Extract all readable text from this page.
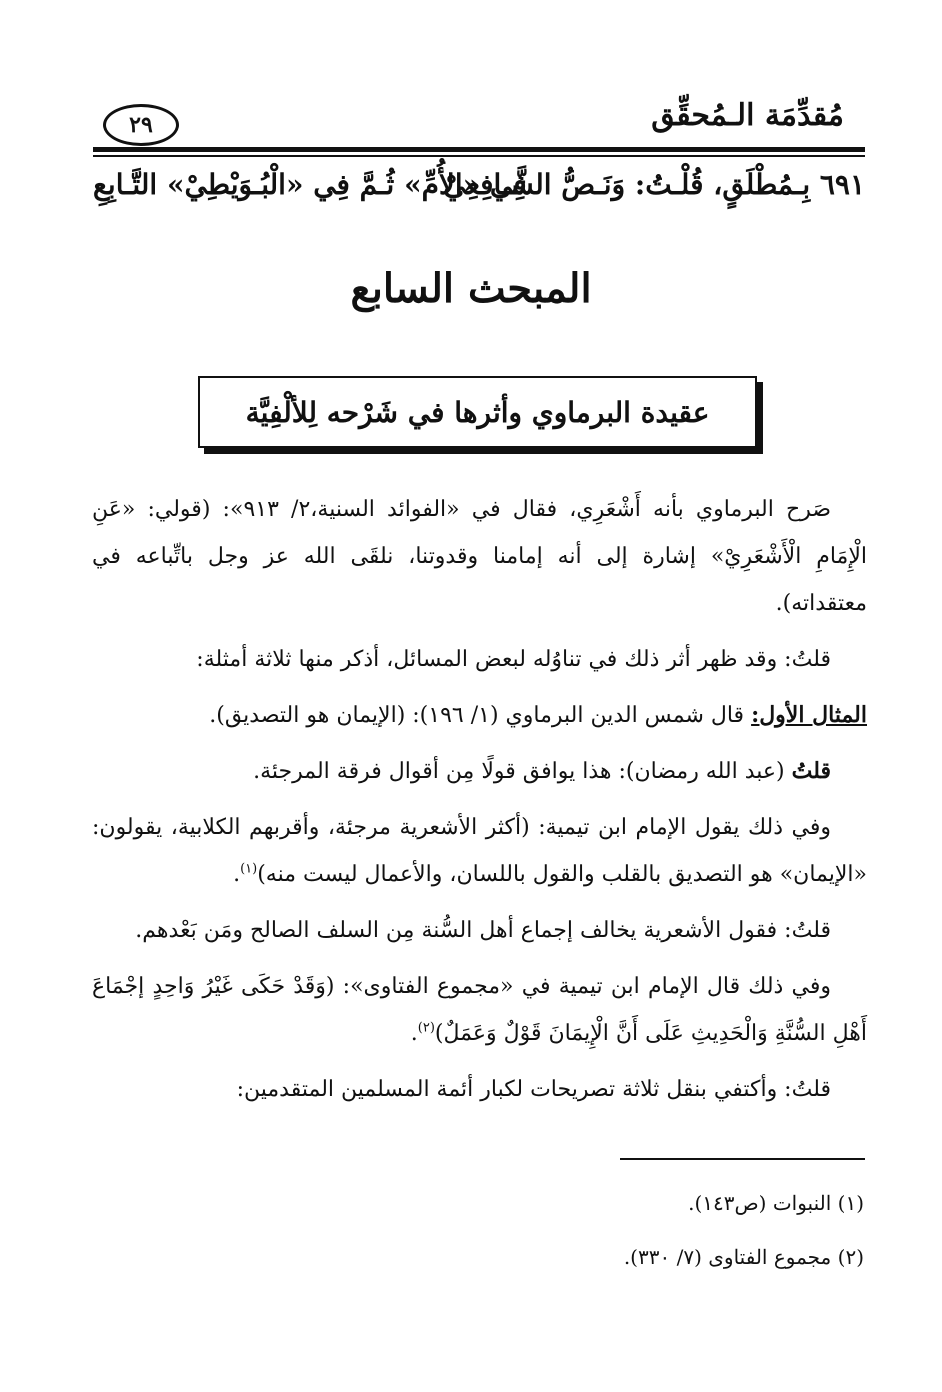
مُقدِّمَة الـمُحقِّق
٢٩
٦٩١ بِـمُطْلَقٍ، قُلْـتُ: وَنَـصُّ الشَّـافِعِيْ
فِي «الأُمِّ» ثُـمَّ فِي «الْبُـوَيْطِيْ» التَّـابِعِ
المبحث السابع
عقيدة البرماوي وأثرها في شَرْحه لِلألْفِيَّة

صَرح البرماوي بأنه أَشْعَرِي، فقال في «الفوائد السنية،٢/ ٩١٣»: (قولي: «عَنِ الْإِمَامِ الْأَشْعَرِيْ» إشارة إلى أنه إمامنا وقدوتنا، نلقَى الله عز وجل باتِّباعه في معتقداته).

قلتُ: وقد ظهر أثر ذلك في تناوُله لبعض المسائل، أذكر منها ثلاثة أمثلة:

المثال الأول: قال شمس الدين البرماوي (١/ ١٩٦): (الإيمان هو التصديق).

قلتُ (عبد الله رمضان): هذا يوافق قولًا مِن أقوال فرقة المرجئة.

وفي ذلك يقول الإمام ابن تيمية: (أكثر الأشعرية مرجئة، وأقربهم الكلابية، يقولون: «الإيمان» هو التصديق بالقلب والقول باللسان، والأعمال ليست منه)$^{(١)}$.

قلتُ: فقول الأشعرية يخالف إجماع أهل السُّنة مِن السلف الصالح ومَن بَعْدهم.

وفي ذلك قال الإمام ابن تيمية في «مجموع الفتاوى»: (وَقَدْ حَكَى غَيْرُ وَاحِدٍ إجْمَاعَ أَهْلِ السُّنَّةِ وَالْحَدِيثِ عَلَى أَنَّ الْإِيمَانَ قَوْلٌ وَعَمَلٌ)$^{(٢)}$.

قلتُ: وأكتفي بنقل ثلاثة تصريحات لكبار أئمة المسلمين المتقدمين:

(١) النبوات (ص١٤٣).
(٢) مجموع الفتاوى (٧/ ٣٣٠).
